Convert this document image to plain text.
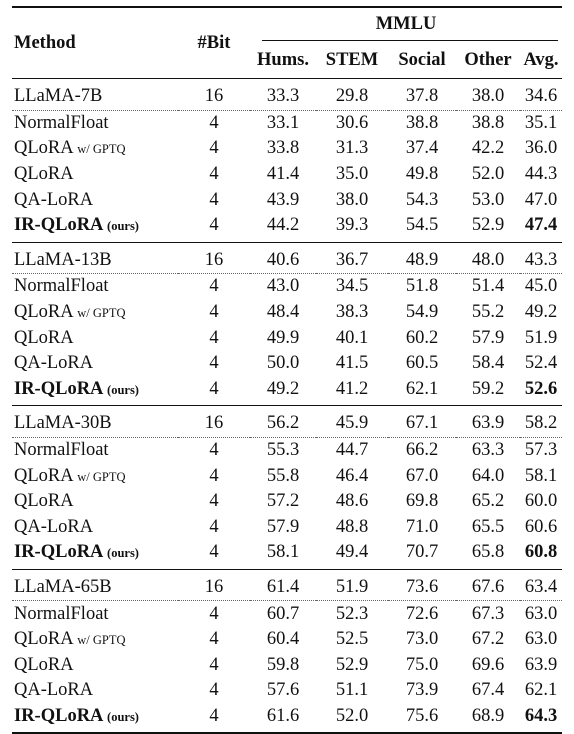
Method	#Bit	MMLU				

		Hums.	STEM	Social	Other	Avg.
LLaMA-7B	16	33.3	29.8	37.8	38.0	34.6
NormalFloat	4	33.1	30.6	38.8	38.8	35.1
QLoRA w/ GPTQ	4	33.8	31.3	37.4	42.2	36.0
QLoRA	4	41.4	35.0	49.8	52.0	44.3
QA-LoRA	4	43.9	38.0	54.3	53.0	47.0
IR-QLoRA (ours)	4	44.2	39.3	54.5	52.9	47.4
LLaMA-13B	16	40.6	36.7	48.9	48.0	43.3
NormalFloat	4	43.0	34.5	51.8	51.4	45.0
QLoRA w/ GPTQ	4	48.4	38.3	54.9	55.2	49.2
QLoRA	4	49.9	40.1	60.2	57.9	51.9
QA-LoRA	4	50.0	41.5	60.5	58.4	52.4
IR-QLoRA (ours)	4	49.2	41.2	62.1	59.2	52.6
LLaMA-30B	16	56.2	45.9	67.1	63.9	58.2
NormalFloat	4	55.3	44.7	66.2	63.3	57.3
QLoRA w/ GPTQ	4	55.8	46.4	67.0	64.0	58.1
QLoRA	4	57.2	48.6	69.8	65.2	60.0
QA-LoRA	4	57.9	48.8	71.0	65.5	60.6
IR-QLoRA (ours)	4	58.1	49.4	70.7	65.8	60.8
LLaMA-65B	16	61.4	51.9	73.6	67.6	63.4
NormalFloat	4	60.7	52.3	72.6	67.3	63.0
QLoRA w/ GPTQ	4	60.4	52.5	73.0	67.2	63.0
QLoRA	4	59.8	52.9	75.0	69.6	63.9
QA-LoRA	4	57.6	51.1	73.9	67.4	62.1
IR-QLoRA (ours)	4	61.6	52.0	75.6	68.9	64.3
